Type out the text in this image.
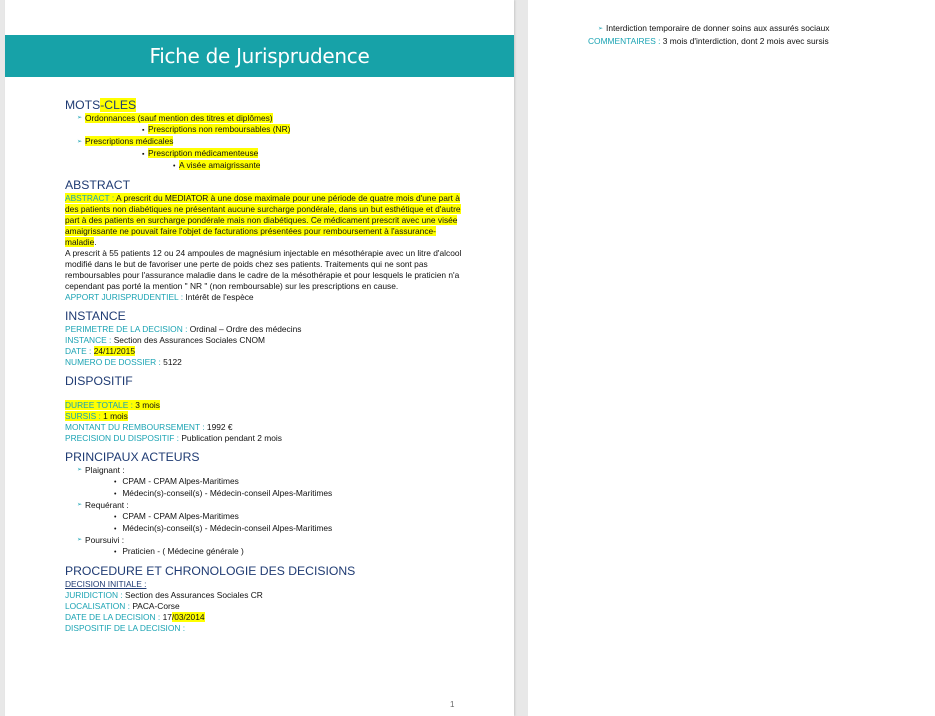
Fiche de Jurisprudence
MOTS-CLES
➢ Ordonnances (sauf mention des titres et diplômes)
▪ Prescriptions non remboursables (NR)
➢ Prescriptions médicales
▪ Prescription médicamenteuse
• A visée amaigrissante
ABSTRACT

ABSTRACT : A prescrit du MEDIATOR à une dose maximale pour une période de quatre mois d'une part à des patients non diabétiques ne présentant aucune surcharge pondérale, dans un but esthétique et d'autre part à des patients en surcharge pondérale mais non diabétiques. Ce médicament prescrit avec une visée amaigrissante ne pouvait faire l'objet de facturations présentées pour remboursement à l'assurance-maladie.

A prescrit à 55 patients 12 ou 24 ampoules de magnésium injectable en mésothérapie avec un litre d'alcool modifié dans le but de favoriser une perte de poids chez ses patients. Traitements qui ne sont pas remboursables pour l'assurance maladie dans le cadre de la mésothérapie et pour lesquels le praticien n'a cependant pas porté la mention " NR " (non remboursable) sur les prescriptions en cause.

APPORT JURISPRUDENTIEL : Intérêt de l'espèce
INSTANCE
PERIMETRE DE LA DECISION : Ordinal – Ordre des médecins
INSTANCE : Section des Assurances Sociales CNOM
DATE : 24/11/2015
NUMERO DE DOSSIER : 5122
DISPOSITIF
DUREE TOTALE : 3 mois
SURSIS : 1 mois
MONTANT DU REMBOURSEMENT : 1992 €
PRECISION DU DISPOSITIF : Publication pendant 2 mois
PRINCIPAUX ACTEURS
➢ Plaignant :
• CPAM - CPAM Alpes-Maritimes
• Médecin(s)-conseil(s) - Médecin-conseil Alpes-Maritimes
➢ Requérant :
• CPAM - CPAM Alpes-Maritimes
• Médecin(s)-conseil(s) - Médecin-conseil Alpes-Maritimes
➢ Poursuivi :
• Praticien - ( Médecine générale )
PROCEDURE ET CHRONOLOGIE DES DECISIONS
DECISION INITIALE :
JURIDICTION : Section des Assurances Sociales CR
LOCALISATION : PACA-Corse
DATE DE LA DECISION : 17/03/2014
DISPOSITIF DE LA DECISION :
1
➢ Interdiction temporaire de donner soins aux assurés sociaux
COMMENTAIRES : 3 mois d'interdiction, dont 2 mois avec sursis
